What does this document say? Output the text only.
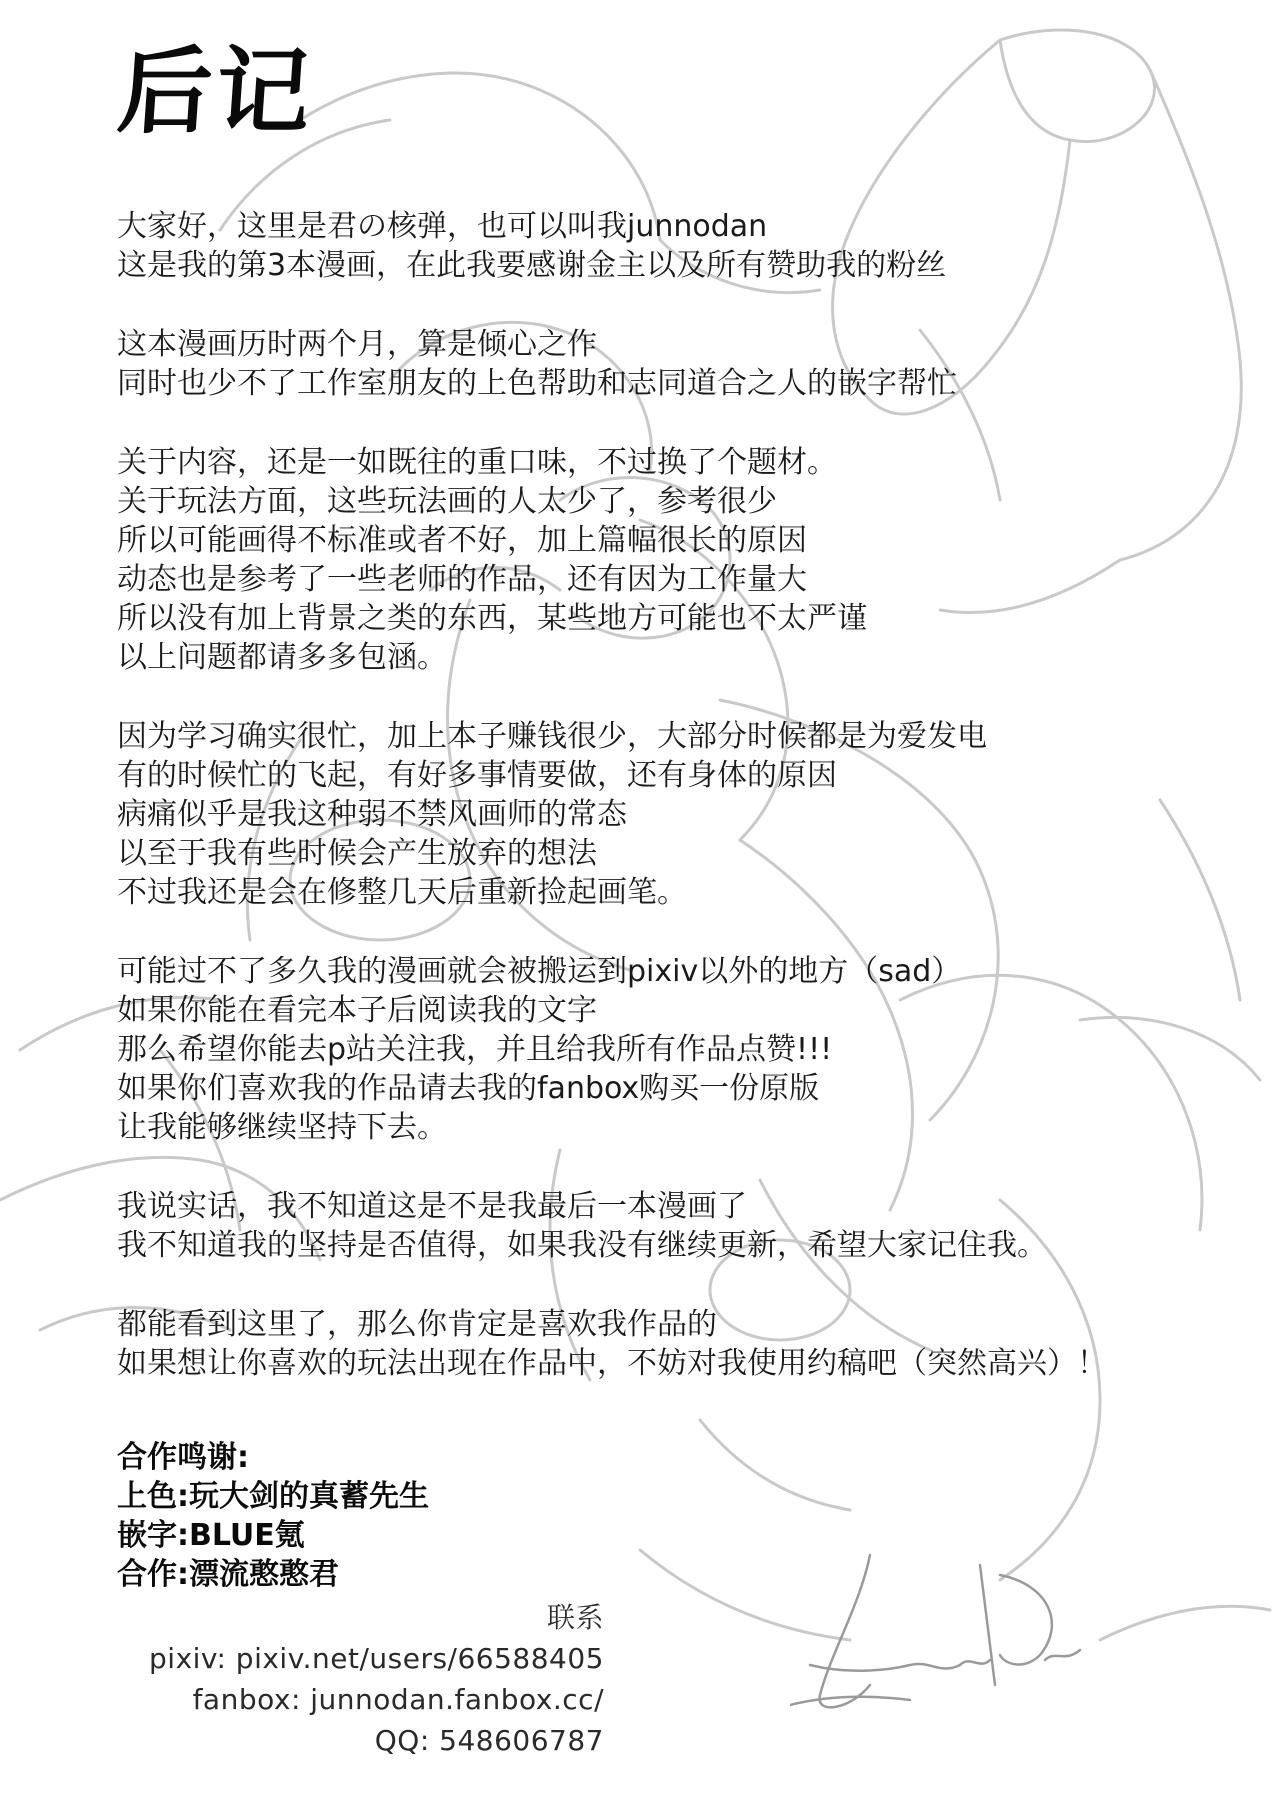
后记
大家好，这里是君の核弹，也可以叫我junnodan
这是我的第3本漫画，在此我要感谢金主以及所有赞助我的粉丝
这本漫画历时两个月，算是倾心之作
同时也少不了工作室朋友的上色帮助和志同道合之人的嵌字帮忙
关于内容，还是一如既往的重口味，不过换了个题材。
关于玩法方面，这些玩法画的人太少了，参考很少
所以可能画得不标准或者不好，加上篇幅很长的原因
动态也是参考了一些老师的作品，还有因为工作量大
所以没有加上背景之类的东西，某些地方可能也不太严谨
以上问题都请多多包涵。
因为学习确实很忙，加上本子赚钱很少，大部分时候都是为爱发电
有的时候忙的飞起，有好多事情要做，还有身体的原因
病痛似乎是我这种弱不禁风画师的常态
以至于我有些时候会产生放弃的想法
不过我还是会在修整几天后重新捡起画笔。
可能过不了多久我的漫画就会被搬运到pixiv以外的地方（sad）
如果你能在看完本子后阅读我的文字
那么希望你能去p站关注我，并且给我所有作品点赞!!!
如果你们喜欢我的作品请去我的fanbox购买一份原版
让我能够继续坚持下去。
我说实话，我不知道这是不是我最后一本漫画了
我不知道我的坚持是否值得，如果我没有继续更新，希望大家记住我。
都能看到这里了，那么你肯定是喜欢我作品的
如果想让你喜欢的玩法出现在作品中，不妨对我使用约稿吧（突然高兴）！
合作鸣谢:
上色:玩大剑的真蓄先生
嵌字:BLUE氪
合作:漂流憨憨君
联系
pixiv: pixiv.net/users/66588405
fanbox: junnodan.fanbox.cc/
QQ: 548606787
